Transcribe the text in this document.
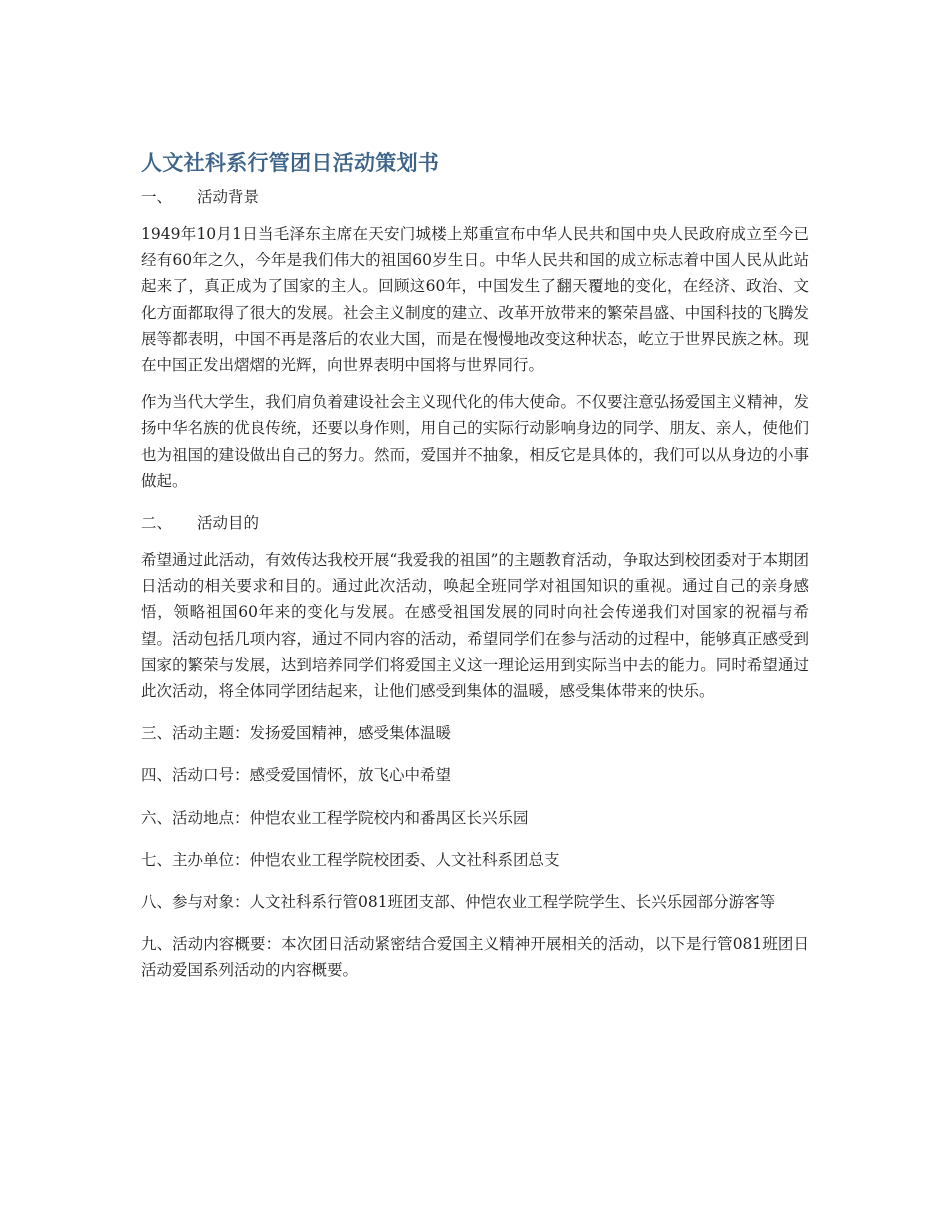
人文社科系行管团日活动策划书
一、	活动背景

1949年10月1日当毛泽东主席在天安门城楼上郑重宣布中华人民共和国中央人民政府成立至今已经有60年之久，今年是我们伟大的祖国60岁生日。中华人民共和国的成立标志着中国人民从此站起来了，真正成为了国家的主人。回顾这60年，中国发生了翻天覆地的变化，在经济、政治、文化方面都取得了很大的发展。社会主义制度的建立、改革开放带来的繁荣昌盛、中国科技的飞腾发展等都表明，中国不再是落后的农业大国，而是在慢慢地改变这种状态，屹立于世界民族之林。现在中国正发出熠熠的光辉，向世界表明中国将与世界同行。

作为当代大学生，我们肩负着建设社会主义现代化的伟大使命。不仅要注意弘扬爱国主义精神，发扬中华名族的优良传统，还要以身作则，用自己的实际行动影响身边的同学、朋友、亲人，使他们也为祖国的建设做出自己的努力。然而，爱国并不抽象，相反它是具体的，我们可以从身边的小事做起。

二、	活动目的

希望通过此活动，有效传达我校开展“我爱我的祖国”的主题教育活动，争取达到校团委对于本期团日活动的相关要求和目的。通过此次活动，唤起全班同学对祖国知识的重视。通过自己的亲身感悟，领略祖国60年来的变化与发展。在感受祖国发展的同时向社会传递我们对国家的祝福与希望。活动包括几项内容，通过不同内容的活动，希望同学们在参与活动的过程中，能够真正感受到国家的繁荣与发展，达到培养同学们将爱国主义这一理论运用到实际当中去的能力。同时希望通过此次活动，将全体同学团结起来，让他们感受到集体的温暖，感受集体带来的快乐。

三、活动主题：发扬爱国精神，感受集体温暖

四、活动口号：感受爱国情怀，放飞心中希望

六、活动地点：仲恺农业工程学院校内和番禺区长兴乐园

七、主办单位：仲恺农业工程学院校团委、人文社科系团总支

八、参与对象：人文社科系行管081班团支部、仲恺农业工程学院学生、长兴乐园部分游客等

九、活动内容概要：本次团日活动紧密结合爱国主义精神开展相关的活动，以下是行管081班团日活动爱国系列活动的内容概要。
